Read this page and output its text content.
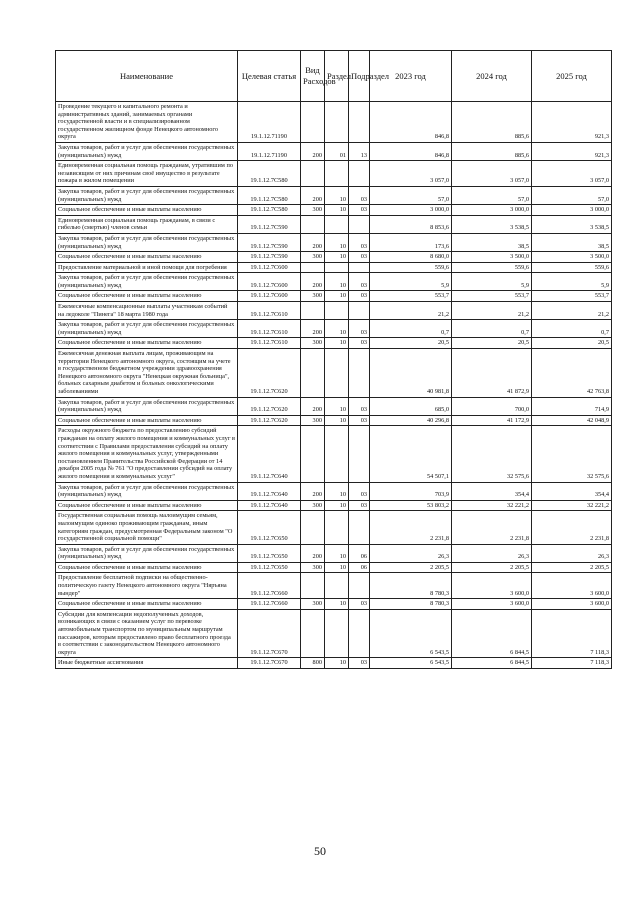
Наименование	Целевая статья	Вид Расходов	Раздел	Подраздел	2023 год	2024 год	2025 год
Проведение текущего и капитального ремонта и административных зданий, занимаемых органами государственной власти и в специализированном государственном жилищном фонде Ненецкого автономного округа	19.1.12.71190				846,8	885,6	921,3
Закупка товаров, работ и услуг для обеспечения государственных (муниципальных) нужд	19.1.12.71190	200	01	13	846,8	885,6	921,3
Единовременная социальная помощь гражданам, утратившим по независящим от них причинам своё имущество в результате пожара в жилом помещении	19.1.12.7С580				3 057,0	3 057,0	3 057,0
Закупка товаров, работ и услуг для обеспечения государственных (муниципальных) нужд	19.1.12.7С580	200	10	03	57,0	57,0	57,0
Социальное обеспечение и иные выплаты населению	19.1.12.7С580	300	10	03	3 000,0	3 000,0	3 000,0
Единовременная социальная помощь гражданам, в связи с гибелью (смертью) членов семьи	19.1.12.7С590				8 853,6	3 538,5	3 538,5
Закупка товаров, работ и услуг для обеспечения государственных (муниципальных) нужд	19.1.12.7С590	200	10	03	173,6	38,5	38,5
Социальное обеспечение и иные выплаты населению	19.1.12.7С590	300	10	03	8 680,0	3 500,0	3 500,0
Предоставление материальной и иной помощи для погребения	19.1.12.7С600				559,6	559,6	559,6
Закупка товаров, работ и услуг для обеспечения государственных (муниципальных) нужд	19.1.12.7С600	200	10	03	5,9	5,9	5,9
Социальное обеспечение и иные выплаты населению	19.1.12.7С600	300	10	03	553,7	553,7	553,7
Ежемесячные компенсационные выплаты участникам событий на ледоколе "Пинега" 18 марта 1980 года	19.1.12.7С610				21,2	21,2	21,2
Закупка товаров, работ и услуг для обеспечения государственных (муниципальных) нужд	19.1.12.7С610	200	10	03	0,7	0,7	0,7
Социальное обеспечение и иные выплаты населению	19.1.12.7С610	300	10	03	20,5	20,5	20,5
Ежемесячная денежная выплата лицам, проживающим на территории Ненецкого автономного округа, состоящим на учете в государственном бюджетном учреждении здравоохранения Ненецкого автономного округа "Ненецкая окружная больница", больных сахарным диабетом и больных онкологическими заболеваниями	19.1.12.7С620				40 981,8	41 872,9	42 763,8
Закупка товаров, работ и услуг для обеспечения государственных (муниципальных) нужд	19.1.12.7С620	200	10	03	685,0	700,0	714,9
Социальное обеспечение и иные выплаты населению	19.1.12.7С620	300	10	03	40 296,8	41 172,9	42 048,9
Расходы окружного бюджета по предоставлению субсидий гражданам на оплату жилого помещения и коммунальных услуг в соответствии с Правилами предоставления субсидий на оплату жилого помещения и коммунальных услуг, утвержденными постановлением Правительства Российской Федерации от 14 декабря 2005 года № 761 "О предоставлении субсидий на оплату жилого помещения и коммунальных услуг"	19.1.12.7С640				54 507,1	32 575,6	32 575,6
Закупка товаров, работ и услуг для обеспечения государственных (муниципальных) нужд	19.1.12.7С640	200	10	03	703,9	354,4	354,4
Социальное обеспечение и иные выплаты населению	19.1.12.7С640	300	10	03	53 803,2	32 221,2	32 221,2
Государственная социальная помощь малоимущим семьям, малоимущим одиноко проживающим гражданам, иным категориям граждан, предусмотренная Федеральным законом "О государственной социальной помощи"	19.1.12.7С650				2 231,8	2 231,8	2 231,8
Закупка товаров, работ и услуг для обеспечения государственных (муниципальных) нужд	19.1.12.7С650	200	10	06	26,3	26,3	26,3
Социальное обеспечение и иные выплаты населению	19.1.12.7С650	300	10	06	2 205,5	2 205,5	2 205,5
Предоставление бесплатной подписки на общественно-политическую газету Ненецкого автономного округа "Няръяна вындер"	19.1.12.7С660				8 780,3	3 600,0	3 600,0
Социальное обеспечение и иные выплаты населению	19.1.12.7С660	300	10	03	8 780,3	3 600,0	3 600,0
Субсидии для компенсации недополученных доходов, возникающих в связи с оказанием услуг по перевозке автомобильным транспортом по муниципальным маршрутам пассажиров, которым предоставлено право бесплатного проезда в соответствии с законодательством Ненецкого автономного округа	19.1.12.7С670				6 543,5	6 844,5	7 118,3
Иные бюджетные ассигнования	19.1.12.7С670	800	10	03	6 543,5	6 844,5	7 118,3
50
